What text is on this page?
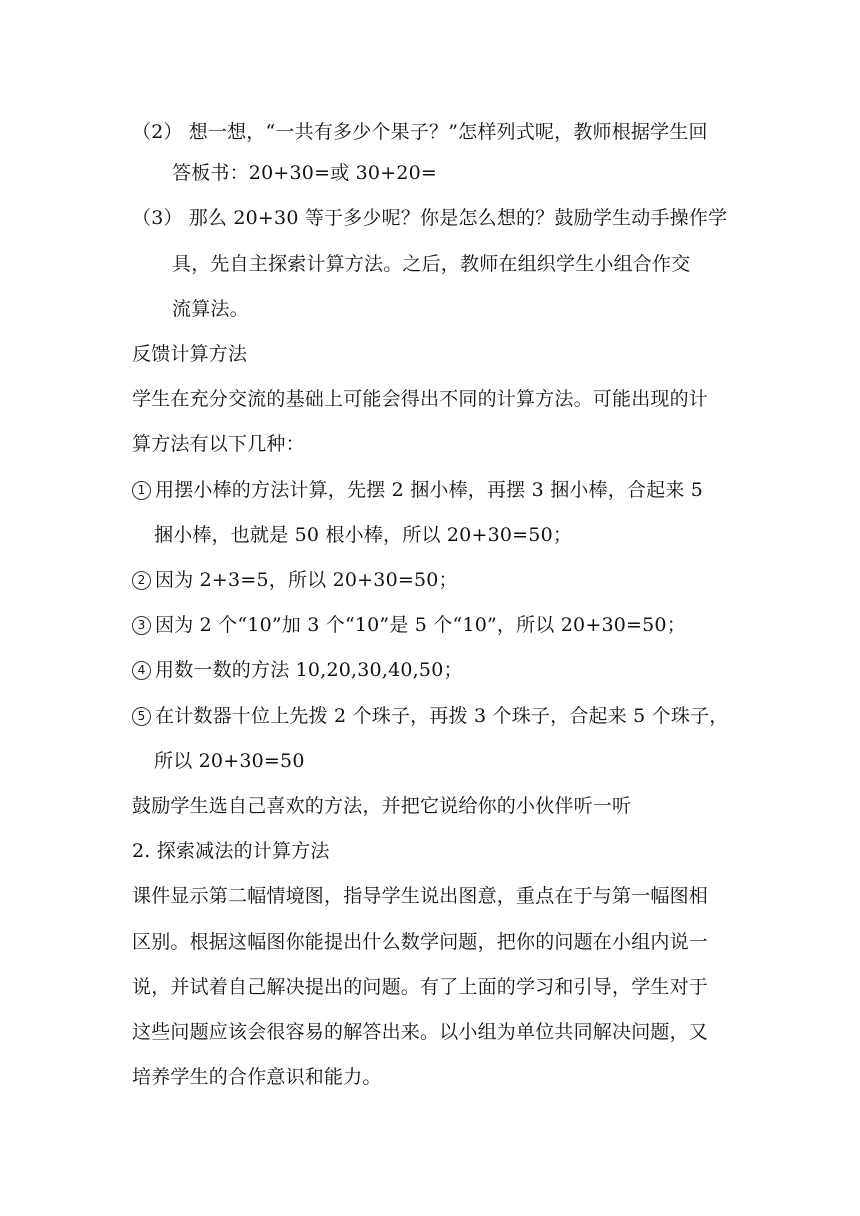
（2） 想一想，“一共有多少个果子？”怎样列式呢，教师根据学生回
答板书：20+30=或 30+20=
（3） 那么 20+30 等于多少呢？你是怎么想的？鼓励学生动手操作学
具，先自主探索计算方法。之后，教师在组织学生小组合作交
流算法。
反馈计算方法
学生在充分交流的基础上可能会得出不同的计算方法。可能出现的计
算方法有以下几种：
1 用摆小棒的方法计算，先摆 2 捆小棒，再摆 3 捆小棒，合起来 5
捆小棒，也就是 50 根小棒，所以 20+30=50；
2 因为 2+3=5，所以 20+30=50；
3 因为 2 个“10”加 3 个“10”是 5 个“10”，所以 20+30=50；
4 用数一数的方法 10,20,30,40,50；
5 在计数器十位上先拨 2 个珠子，再拨 3 个珠子，合起来 5 个珠子，
所以 20+30=50
鼓励学生选自己喜欢的方法，并把它说给你的小伙伴听一听
2. 探索减法的计算方法
课件显示第二幅情境图，指导学生说出图意，重点在于与第一幅图相
区别。根据这幅图你能提出什么数学问题，把你的问题在小组内说一
说，并试着自己解决提出的问题。有了上面的学习和引导，学生对于
这些问题应该会很容易的解答出来。以小组为单位共同解决问题，又
培养学生的合作意识和能力。
